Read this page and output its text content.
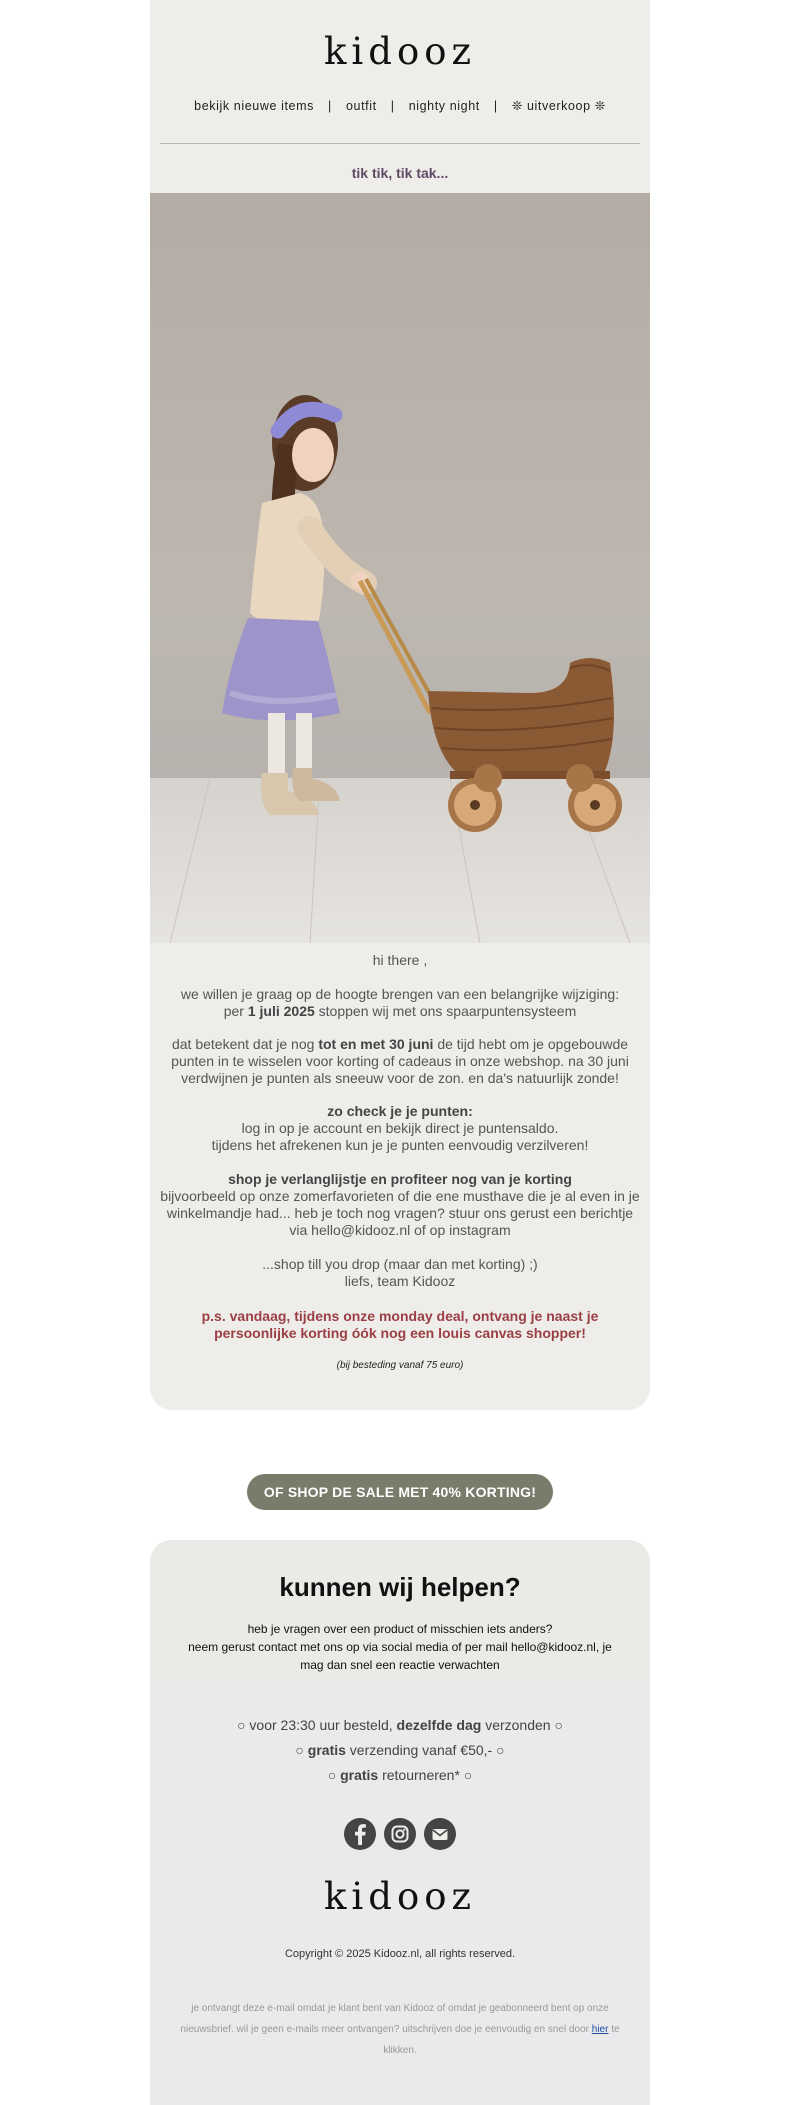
kidooz
bekijk nieuwe items | outfit | nighty night | ❊ uitverkoop ❊
tik tik, tik tak...
hi there ,

we willen je graag op de hoogte brengen van een belangrijke wijziging:

per 1 juli 2025 stoppen wij met ons spaarpuntensysteem

dat betekent dat je nog tot en met 30 juni de tijd hebt om je opgebouwde punten in te wisselen voor korting of cadeaus in onze webshop. na 30 juni verdwijnen je punten als sneeuw voor de zon. en da's natuurlijk zonde!

zo check je je punten:

log in op je account en bekijk direct je puntensaldo.

tijdens het afrekenen kun je je punten eenvoudig verzilveren!

shop je verlanglijstje en profiteer nog van je korting

bijvoorbeeld op onze zomerfavorieten of die ene musthave die je al even in je winkelmandje had... heb je toch nog vragen? stuur ons gerust een berichtje via hello@kidooz.nl of op instagram

...shop till you drop (maar dan met korting) ;)

liefs, team Kidooz

p.s. vandaag, tijdens onze monday deal, ontvang je naast je persoonlijke korting óók nog een louis canvas shopper!
(bij besteding vanaf 75 euro)
OF SHOP DE SALE MET 40% KORTING!
kunnen wij helpen?
heb je vragen over een product of misschien iets anders?
neem gerust contact met ons op via social media of per mail hello@kidooz.nl, je mag dan snel een reactie verwachten
○ voor 23:30 uur besteld, dezelfde dag verzonden ○
○ gratis verzending vanaf €50,- ○
○ gratis retourneren* ○

kidooz
Copyright © 2025 Kidooz.nl, all rights reserved.
je ontvangt deze e-mail omdat je klant bent van Kidooz of omdat je geabonneerd bent op onze nieuwsbrief. wil je geen e-mails meer ontvangen? uitschrijven doe je eenvoudig en snel door hier te klikken.
